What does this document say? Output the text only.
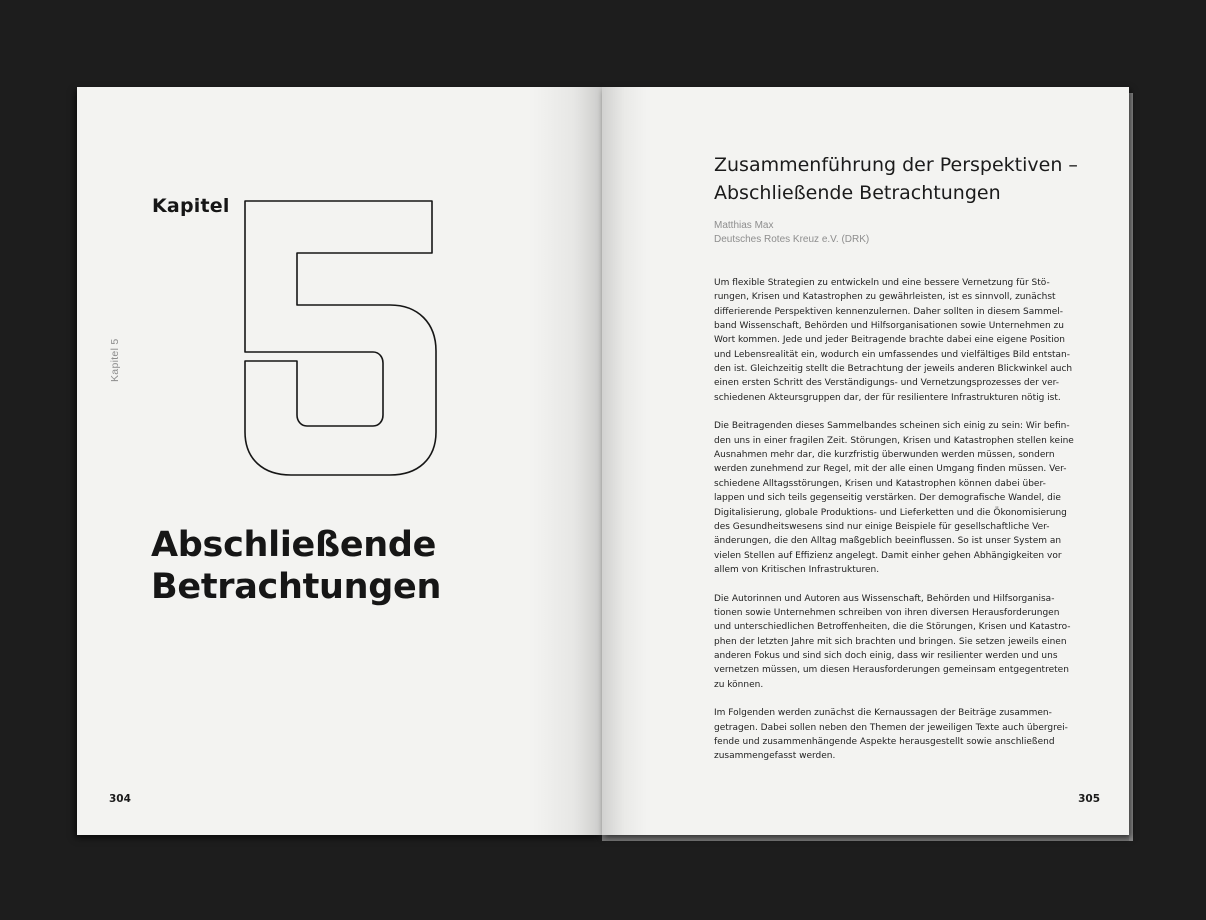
Kapitel
Kapitel 5
Abschließende
Betrachtungen
304
Zusammenführung der Perspektiven –
Abschließende Betrachtungen
Matthias Max
Deutsches Rotes Kreuz e.V. (DRK)
Um flexible Strategien zu entwickeln und eine bessere Vernetzung für Stö-
rungen, Krisen und Katastrophen zu gewährleisten, ist es sinnvoll, zunächst
differierende Perspektiven kennenzulernen. Daher sollten in diesem Sammel-
band Wissenschaft, Behörden und Hilfsorganisationen sowie Unternehmen zu
Wort kommen. Jede und jeder Beitragende brachte dabei eine eigene Position
und Lebensrealität ein, wodurch ein umfassendes und vielfältiges Bild entstan-
den ist. Gleichzeitig stellt die Betrachtung der jeweils anderen Blickwinkel auch
einen ersten Schritt des Verständigungs- und Vernetzungsprozesses der ver-
schiedenen Akteursgruppen dar, der für resilientere Infrastrukturen nötig ist.
Die Beitragenden dieses Sammelbandes scheinen sich einig zu sein: Wir befin-
den uns in einer fragilen Zeit. Störungen, Krisen und Katastrophen stellen keine
Ausnahmen mehr dar, die kurzfristig überwunden werden müssen, sondern
werden zunehmend zur Regel, mit der alle einen Umgang finden müssen. Ver-
schiedene Alltagsstörungen, Krisen und Katastrophen können dabei über-
lappen und sich teils gegenseitig verstärken. Der demografische Wandel, die
Digitalisierung, globale Produktions- und Lieferketten und die Ökonomisierung
des Gesundheitswesens sind nur einige Beispiele für gesellschaftliche Ver-
änderungen, die den Alltag maßgeblich beeinflussen. So ist unser System an
vielen Stellen auf Effizienz angelegt. Damit einher gehen Abhängigkeiten vor
allem von Kritischen Infrastrukturen.
Die Autorinnen und Autoren aus Wissenschaft, Behörden und Hilfsorganisa-
tionen sowie Unternehmen schreiben von ihren diversen Herausforderungen
und unterschiedlichen Betroffenheiten, die die Störungen, Krisen und Katastro-
phen der letzten Jahre mit sich brachten und bringen. Sie setzen jeweils einen
anderen Fokus und sind sich doch einig, dass wir resilienter werden und uns
vernetzen müssen, um diesen Herausforderungen gemeinsam entgegentreten
zu können.
Im Folgenden werden zunächst die Kernaussagen der Beiträge zusammen-
getragen. Dabei sollen neben den Themen der jeweiligen Texte auch übergrei-
fende und zusammenhängende Aspekte herausgestellt sowie anschließend
zusammengefasst werden.
305
